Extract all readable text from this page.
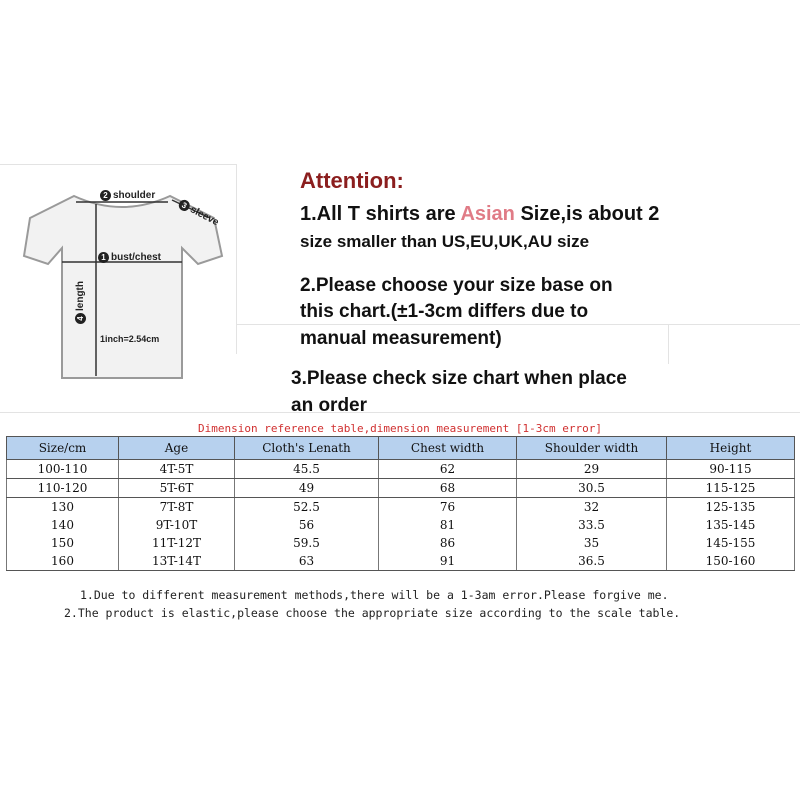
2 shoulder
3sleeve
1 bust/chest
4length
1inch=2.54cm
Attention:
1.All T shirts are Asian Size,is about 2
size smaller than US,EU,UK,AU size
2.Please choose your size base on
this chart.(±1-3cm differs due to
manual measurement)
3.Please check size chart when place
an order
Dimension reference table,dimension measurement [1-3cm error]
Size/cm	Age	Cloth's Lenath	Chest width	Shoulder width	Height
100-110	4T-5T	45.5	62	29	90-115
110-120	5T-6T	49	68	30.5	115-125
130	7T-8T	52.5	76	32	125-135
140	9T-10T	56	81	33.5	135-145
150	11T-12T	59.5	86	35	145-155
160	13T-14T	63	91	36.5	150-160
1.Due to different measurement methods,there will be a 1-3am error.Please forgive me.
2.The product is elastic,please choose the appropriate size according to the scale table.
